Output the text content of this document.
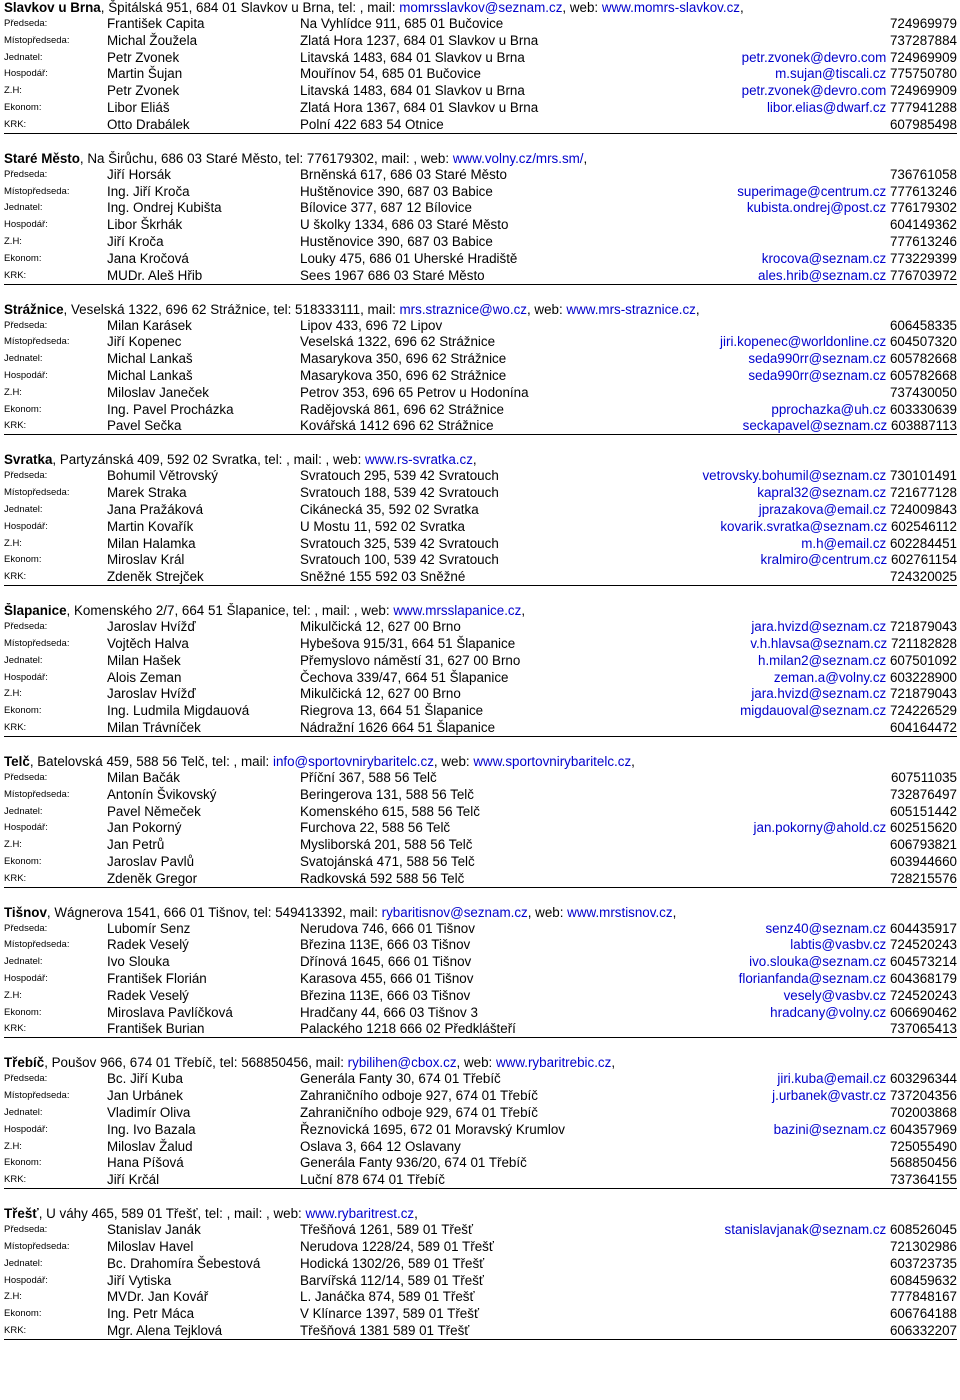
Slavkov u Brna, Špitálská 951, 684 01 Slavkov u Brna, tel: , mail: momrsslavkov@seznam.cz, web: www.momrs-slavkov.cz,
Předseda:	František Capita	Na Vyhlídce 911, 685 01 Bučovice	724969979
Místopředseda:	Michal Žoužela	Zlatá Hora 1237, 684 01 Slavkov u Brna	737287884
Jednatel:	Petr Zvonek	Litavská 1483, 684 01 Slavkov u Brna	petr.zvonek@devro.com 724969909
Hospodář:	Martin Šujan	Mouřínov 54, 685 01 Bučovice	m.sujan@tiscali.cz 775750780
Z.H:	Petr Zvonek	Litavská 1483, 684 01 Slavkov u Brna	petr.zvonek@devro.com 724969909
Ekonom:	Libor Eliáš	Zlatá Hora 1367, 684 01 Slavkov u Brna	libor.elias@dwarf.cz 777941288
KRK:	Otto Drabálek	Polní 422 683 54 Otnice	607985498
Staré Město, Na Širůchu, 686 03 Staré Město, tel: 776179302, mail: , web: www.volny.cz/mrs.sm/,
Předseda:	Jiří Horsák	Brněnská 617, 686 03 Staré Město	736761058
Místopředseda:	Ing. Jiří Kroča	Huštěnovice 390, 687 03 Babice	superimage@centrum.cz 777613246
Jednatel:	Ing. Ondrej Kubišta	Bílovice 377, 687 12 Bílovice	kubista.ondrej@post.cz 776179302
Hospodář:	Libor Škrhák	U školky 1334, 686 03 Staré Město	604149362
Z.H:	Jiří Kroča	Hustěnovice 390, 687 03 Babice	777613246
Ekonom:	Jana Kročová	Louky 475, 686 01 Uherské Hradiště	krocova@seznam.cz 773229399
KRK:	MUDr. Aleš Hřib	Sees 1967 686 03 Staré Město	ales.hrib@seznam.cz 776703972
Strážnice, Veselská 1322, 696 62 Strážnice, tel: 518333111, mail: mrs.straznice@wo.cz, web: www.mrs-straznice.cz,
Předseda:	Milan Karásek	Lipov 433, 696 72 Lipov	606458335
Místopředseda:	Jiří Kopenec	Veselská 1322, 696 62 Strážnice	jiri.kopenec@worldonline.cz 604507320
Jednatel:	Michal Lankaš	Masarykova 350, 696 62 Strážnice	seda990rr@seznam.cz 605782668
Hospodář:	Michal Lankaš	Masarykova 350, 696 62 Strážnice	seda990rr@seznam.cz 605782668
Z.H:	Miloslav Janeček	Petrov 353, 696 65 Petrov u Hodonína	737430050
Ekonom:	Ing. Pavel Procházka	Radějovská 861, 696 62 Strážnice	pprochazka@uh.cz 603330639
KRK:	Pavel Sečka	Kovářská 1412 696 62 Strážnice	seckapavel@seznam.cz 603887113
Svratka, Partyzánská 409, 592 02 Svratka, tel: , mail: , web: www.rs-svratka.cz,
Předseda:	Bohumil Větrovský	Svratouch 295, 539 42 Svratouch	vetrovsky.bohumil@seznam.cz 730101491
Místopředseda:	Marek Straka	Svratouch 188, 539 42 Svratouch	kapral32@seznam.cz 721677128
Jednatel:	Jana Pražáková	Cikánecká 35, 592 02 Svratka	jprazakova@email.cz 724009843
Hospodář:	Martin Kovařík	U Mostu 11, 592 02 Svratka	kovarik.svratka@seznam.cz 602546112
Z.H:	Milan Halamka	Svratouch 325, 539 42 Svratouch	m.h@email.cz 602284451
Ekonom:	Miroslav Král	Svratouch 100, 539 42 Svratouch	kralmiro@centrum.cz 602761154
KRK:	Zdeněk Strejček	Sněžné 155 592 03 Sněžné	724320025
Šlapanice, Komenského 2/7, 664 51 Šlapanice, tel: , mail: , web: www.mrsslapanice.cz,
Předseda:	Jaroslav Hvížď	Mikulčická 12, 627 00 Brno	jara.hvizd@seznam.cz 721879043
Místopředseda:	Vojtěch Halva	Hybešova 915/31, 664 51 Šlapanice	v.h.hlavsa@seznam.cz 721182828
Jednatel:	Milan Hašek	Přemyslovo náměstí 31, 627 00 Brno	h.milan2@seznam.cz 607501092
Hospodář:	Alois Zeman	Čechova 339/47, 664 51 Šlapanice	zeman.a@volny.cz 603228900
Z.H:	Jaroslav Hvížď	Mikulčická 12, 627 00 Brno	jara.hvizd@seznam.cz 721879043
Ekonom:	Ing. Ludmila Migdauová	Riegrova 13, 664 51 Šlapanice	migdauoval@seznam.cz 724226529
KRK:	Milan Trávníček	Nádražní 1626 664 51 Šlapanice	604164472
Telč, Batelovská 459, 588 56 Telč, tel: , mail: info@sportovnirybaritelc.cz, web: www.sportovnirybaritelc.cz,
Předseda:	Milan Bačák	Příční 367, 588 56 Telč	607511035
Místopředseda:	Antonín Švikovský	Beringerova 131, 588 56 Telč	732876497
Jednatel:	Pavel Němeček	Komenského 615, 588 56 Telč	605151442
Hospodář:	Jan Pokorný	Furchova 22, 588 56 Telč	jan.pokorny@ahold.cz 602515620
Z.H:	Jan Petrů	Mysliborská 201, 588 56 Telč	606793821
Ekonom:	Jaroslav Pavlů	Svatojánská 471, 588 56 Telč	603944660
KRK:	Zdeněk Gregor	Radkovská 592 588 56 Telč	728215576
Tišnov, Wágnerova 1541, 666 01 Tišnov, tel: 549413392, mail: rybaritisnov@seznam.cz, web: www.mrstisnov.cz,
Předseda:	Lubomír Senz	Nerudova 746, 666 01 Tišnov	senz40@seznam.cz 604435917
Místopředseda:	Radek Veselý	Březina 113E, 666 03 Tišnov	labtis@vasbv.cz 724520243
Jednatel:	Ivo Slouka	Dřínová 1645, 666 01 Tišnov	ivo.slouka@seznam.cz 604573214
Hospodář:	František Florián	Karasova 455, 666 01 Tišnov	florianfanda@seznam.cz 604368179
Z.H:	Radek Veselý	Březina 113E, 666 03 Tišnov	vesely@vasbv.cz 724520243
Ekonom:	Miroslava Pavlíčková	Hradčany 44, 666 03 Tišnov 3	hradcany@volny.cz 606690462
KRK:	František Burian	Palackého 1218 666 02 Předklášteří	737065413
Třebíč, Poušov 966, 674 01 Třebíč, tel: 568850456, mail: rybilihen@cbox.cz, web: www.rybaritrebic.cz,
Předseda:	Bc. Jiří Kuba	Generála Fanty 30, 674 01 Třebíč	jiri.kuba@email.cz 603296344
Místopředseda:	Jan Urbánek	Zahraničního odboje 927, 674 01 Třebíč	j.urbanek@vastr.cz 737204356
Jednatel:	Vladimír Oliva	Zahraničního odboje 929, 674 01 Třebíč	702003868
Hospodář:	Ing. Ivo Bazala	Řeznovická 1695, 672 01 Moravský Krumlov	bazini@seznam.cz 604357969
Z.H:	Miloslav Žalud	Oslava 3, 664 12 Oslavany	725055490
Ekonom:	Hana Píšová	Generála Fanty 936/20, 674 01 Třebíč	568850456
KRK:	Jiří Krčál	Luční 878 674 01 Třebíč	737364155
Třešť, U váhy 465, 589 01 Třešť, tel: , mail: , web: www.rybaritrest.cz,
Předseda:	Stanislav Janák	Třešňová 1261, 589 01 Třešť	stanislavjanak@seznam.cz 608526045
Místopředseda:	Miloslav Havel	Nerudova 1228/24, 589 01 Třešť	721302986
Jednatel:	Bc. Drahomíra Šebestová	Hodická 1302/26, 589 01 Třešť	603723735
Hospodář:	Jiří Vytiska	Barvířská 112/14, 589 01 Třešť	608459632
Z.H:	MVDr. Jan Kovář	L. Janáčka 874, 589 01 Třešť	777848167
Ekonom:	Ing. Petr Máca	V Klínarce 1397, 589 01 Třešť	606764188
KRK:	Mgr. Alena Tejklová	Třešňová 1381 589 01 Třešť	606332207
